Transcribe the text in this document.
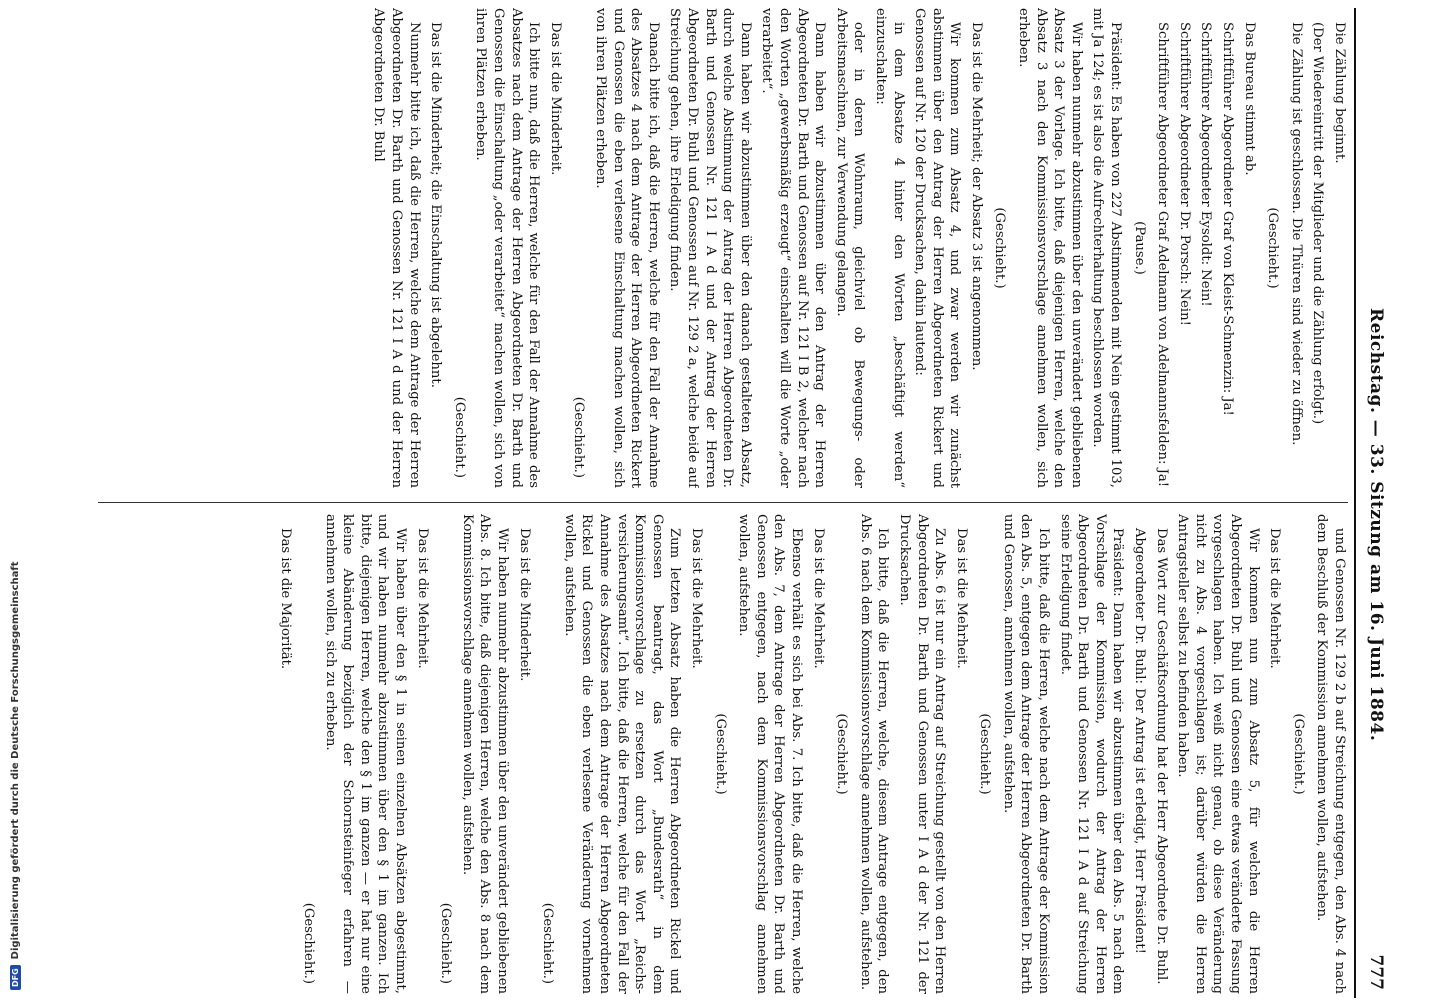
Reichstag. — 33. Sitzung am 16. Juni 1884.
777

Die Zählung beginnt.

(Der Wiedereintritt der Mitglieder und die Zählung erfolgt.)

Die Zählung ist geschlossen. Die Thüren sind wieder zu öffnen.

(Geschieht.)

Das Bureau stimmt ab.

Schriftführer Abgeordneter Graf von Kleist-Schmenzin: Ja!

Schriftführer Abgeordneter Eysoldt: Nein!

Schriftführer Abgeordneter Dr. Porsch: Nein!

Schriftführer Abgeordneter Graf Adelmann von Adelmannsfelden: Ja!

(Pause.)

Präsident: Es haben von 227 Abstimmenden mit Nein gestimmt 103, mit Ja 124; es ist also die Aufrechterhaltung beschlossen worden.

Wir haben nunmehr abzustimmen über den unverändert gebliebenen Absatz 3 der Vorlage. Ich bitte, daß diejenigen Herren, welche den Absatz 3 nach den Kommissionsvorschlage annehmen wollen, sich erheben.

(Geschieht.)

Das ist die Mehrheit; der Absatz 3 ist angenommen.

Wir kommen zum Absatz 4, und zwar werden wir zunächst abstimmen über den Antrag der Herren Abgeordneten Rickert und Genossen auf Nr. 120 der Drucksachen, dahin lautend:

in dem Absatze 4 hinter den Worten „beschäftigt werden“ einzuschalten:

oder in deren Wohnraum, gleichviel ob Bewegungs- oder Arbeitsmaschinen, zur Verwendung gelangen.

Dann haben wir abzustimmen über den Antrag der Herren Abgeordneten Dr. Barth und Genossen auf Nr. 121 I B 2, welcher nach den Worten „gewerbsmäßig erzeugt“ einschalten will die Worte „oder verarbeitet“.

Dann haben wir abzustimmen über den danach gestalteten Absatz, durch welche Abstimmung der Antrag der Herren Abgeordneten Dr. Barth und Genossen Nr. 121 I A d und der Antrag der Herren Abgeordneten Dr. Buhl und Genossen auf Nr. 129 2 a, welche beide auf Streichung gehen, ihre Erledigung finden.

Danach bitte ich, daß die Herren, welche für den Fall der Annahme des Absatzes 4 nach dem Antrage der Herren Abgeordneten Rickert und Genossen die eben verlesene Einschaltung machen wollen, sich von ihren Plätzen erheben.

(Geschieht.)

Das ist die Minderheit.

Ich bitte nun, daß die Herren, welche für den Fall der Annahme des Absatzes nach dem Antrage der Herren Abgeordneten Dr. Barth und Genossen die Einschaltung „oder verarbeitet“ machen wollen, sich von ihren Plätzen erheben.

(Geschieht.)

Das ist die Minderheit; die Einschaltung ist abgelehnt.

Nunmehr bitte ich, daß die Herren, welche dem Antrage der Herren Abgeordneten Dr. Barth und Genossen Nr. 121 I A d und der Herren Abgeordneten Dr. Buhl

und Genossen Nr. 129 2 b auf Streichung entgegen, den Abs. 4 nach dem Beschluß der Kommission annehmen wollen, aufstehen.

(Geschieht.)

Das ist die Mehrheit.

Wir kommen nun zum Absatz 5, für welchen die Herren Abgeordneten Dr. Buhl und Genossen eine etwas veränderte Fassung vorgeschlagen haben. Ich weiß nicht genau, ob diese Veränderung nicht zu Abs. 4 vorgeschlagen ist; darüber würden die Herren Antragsteller selbst zu befinden haben.

Das Wort zur Geschäftsordnung hat der Herr Abgeordnete Dr. Buhl.

Abgeordneter Dr. Buhl: Der Antrag ist erledigt, Herr Präsident!

Präsident: Dann haben wir abzustimmen über den Abs. 5 nach dem Vorschlage der Kommission, wodurch der Antrag der Herren Abgeordneten Dr. Barth und Genossen Nr. 121 I A d auf Streichung seine Erledigung findet.

Ich bitte, daß die Herren, welche nach dem Antrage der Kommission den Abs. 5, entgegen dem Antrage der Herren Abgeordneten Dr. Barth und Genossen, annehmen wollen, aufstehen.

(Geschieht.)

Das ist die Mehrheit.

Zu Abs. 6 ist nur ein Antrag auf Streichung gestellt von den Herren Abgeordneten Dr. Barth und Genossen unter I A d der Nr. 121 der Drucksachen.

Ich bitte, daß die Herren, welche, diesem Antrage entgegen, den Abs. 6 nach dem Kommissionsvorschlage annehmen wollen, aufstehen.

(Geschieht.)

Das ist die Mehrheit.

Ebenso verhält es sich bei Abs. 7. Ich bitte, daß die Herren, welche den Abs. 7, dem Antrage der Herren Abgeordneten Dr. Barth und Genossen entgegen, nach dem Kommissionsvorschlag annehmen wollen, aufstehen.

(Geschieht.)

Das ist die Mehrheit.

Zum letzten Absatz haben die Herren Abgeordneten Rickel und Genossen beantragt, das Wort „Bundesrath“ in dem Kommissionsvorschlage zu ersetzen durch das Wort „Reichs-versicherungsamt“. Ich bitte, daß die Herren, welche für den Fall der Annahme des Absatzes nach dem Antrage der Herren Abgeordneten Rickel und Genossen die eben verlesene Veränderung vornehmen wollen, aufstehen.

(Geschieht.)

Das ist die Minderheit.

Wir haben nunmehr abzustimmen über den unverändert gebliebenen Abs. 8. Ich bitte, daß diejenigen Herren, welche den Abs. 8 nach dem Kommissionsvorschlage annehmen wollen, aufstehen.

(Geschieht.)

Das ist die Mehrheit.

Wir haben über den § 1 in seinen einzelnen Absätzen abgestimmt, und wir haben nunmehr abzustimmen über den § 1 im ganzen. Ich bitte, diejenigen Herren, welche den § 1 im ganzen — er hat nur eine kleine Abänderung bezüglich der Schornsteinfeger erfahren — annehmen wollen, sich zu erheben.

(Geschieht.)

Das ist die Majorität.

DFG
Digitalisierung gefördert durch die Deutsche Forschungsgemeinschaft
